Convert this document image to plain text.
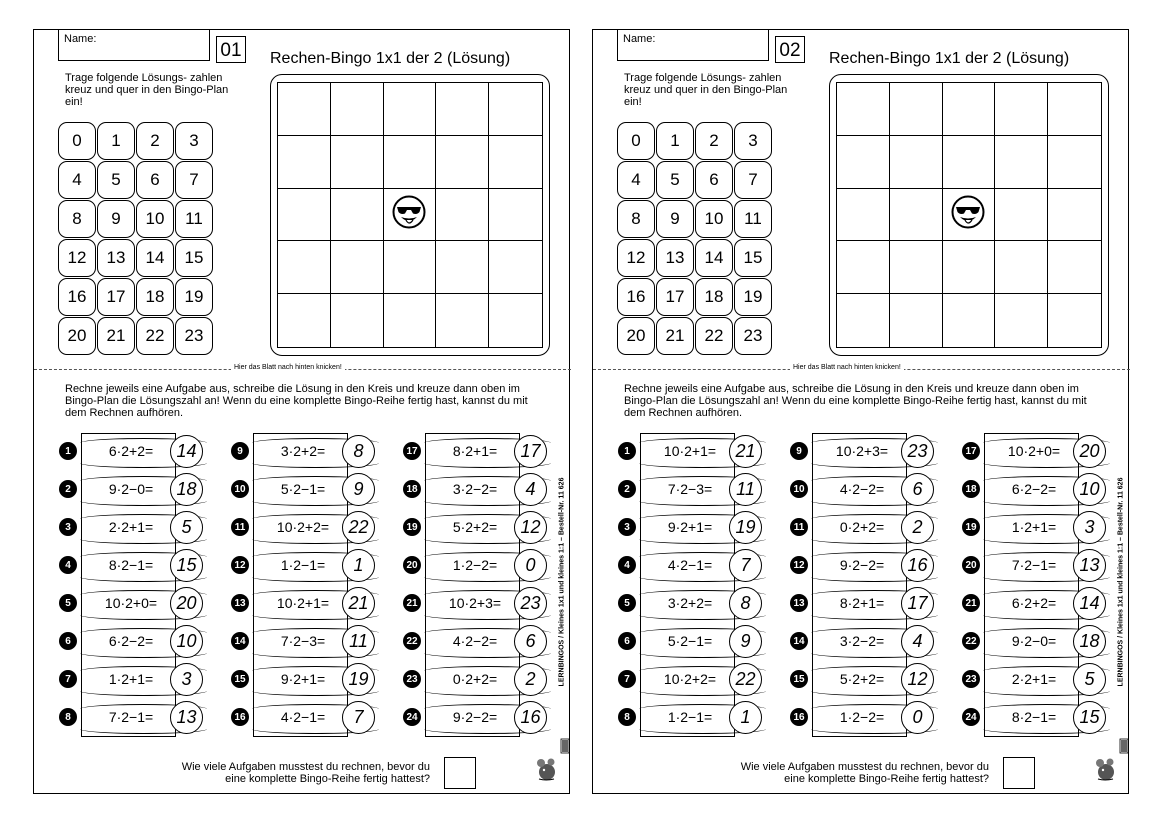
Name:
01 Rechen-Bingo 1x1 der 2 (Lösung)
Trage folgende Lösungs- zahlen kreuz und quer in den Bingo-Plan ein!
0	1	2	3
4	5	6	7
8	9	10	11
12	13	14	15
16	17	18	19
20	21	22	23
Hier das Blatt nach hinten knicken!
Rechne jeweils eine Aufgabe aus, schreibe die Lösung in den Kreis und kreuze dann oben im Bingo-Plan die Lösungszahl an! Wenn du eine komplette Bingo-Reihe fertig hast, kannst du mit dem Rechnen aufhören.
1	6·2+2=	14
2	9·2−0=	18
3	2·2+1=	5
4	8·2−1=	15
5	10·2+0=	20
6	6·2−2=	10
7	1·2+1=	3
8	7·2−1=	13
9	3·2+2=	8
10	5·2−1=	9
11	10·2+2=	22
12	1·2−1=	1
13	10·2+1=	21
14	7·2−3=	11
15	9·2+1=	19
16	4·2−1=	7
17	8·2+1=	17
18	3·2−2=	4
19	5·2+2=	12
20	1·2−2=	0
21	10·2+3=	23
22	4·2−2=	6
23	0·2+2=	2
24	9·2−2=	16
LERNBINGOS / Kleines 1x1 und kleines 1:1 – Bestell-Nr. 11 626
Wie viele Aufgaben musstest du rechnen, bevor du eine komplette Bingo-Reihe fertig hattest?
Name:
02 Rechen-Bingo 1x1 der 2 (Lösung)
Trage folgende Lösungs- zahlen kreuz und quer in den Bingo-Plan ein!
0	1	2	3
4	5	6	7
8	9	10	11
12	13	14	15
16	17	18	19
20	21	22	23
Hier das Blatt nach hinten knicken!
Rechne jeweils eine Aufgabe aus, schreibe die Lösung in den Kreis und kreuze dann oben im Bingo-Plan die Lösungszahl an! Wenn du eine komplette Bingo-Reihe fertig hast, kannst du mit dem Rechnen aufhören.
1	10·2+1=	21
2	7·2−3=	11
3	9·2+1=	19
4	4·2−1=	7
5	3·2+2=	8
6	5·2−1=	9
7	10·2+2=	22
8	1·2−1=	1
9	10·2+3=	23
10	4·2−2=	6
11	0·2+2=	2
12	9·2−2=	16
13	8·2+1=	17
14	3·2−2=	4
15	5·2+2=	12
16	1·2−2=	0
17	10·2+0=	20
18	6·2−2=	10
19	1·2+1=	3
20	7·2−1=	13
21	6·2+2=	14
22	9·2−0=	18
23	2·2+1=	5
24	8·2−1=	15
LERNBINGOS / Kleines 1x1 und kleines 1:1 – Bestell-Nr. 11 626
Wie viele Aufgaben musstest du rechnen, bevor du eine komplette Bingo-Reihe fertig hattest?
